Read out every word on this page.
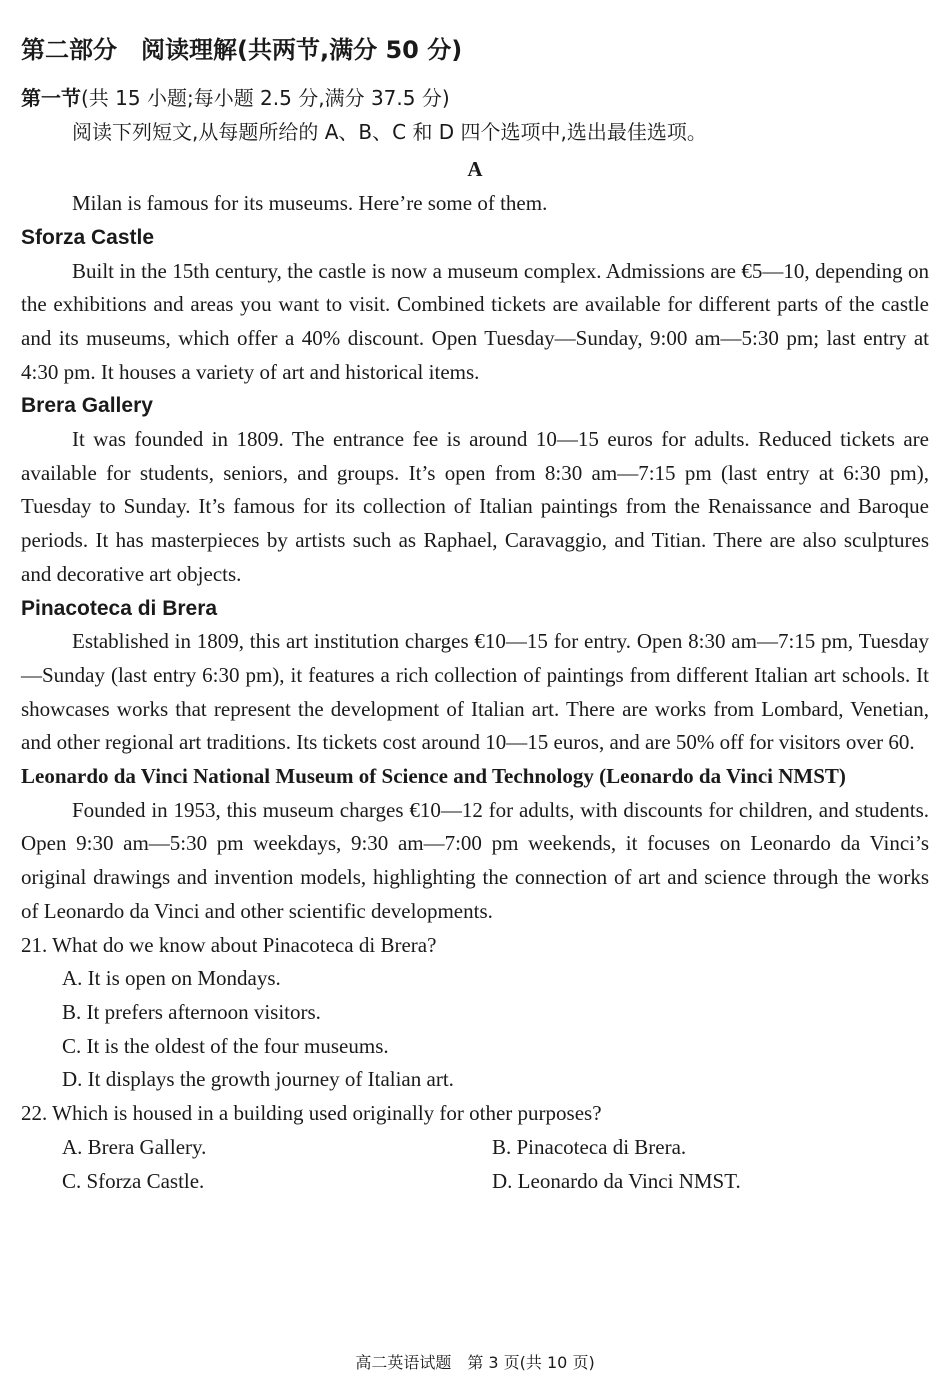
第二部分　阅读理解(共两节,满分 50 分)
第一节(共 15 小题;每小题 2.5 分,满分 37.5 分)

阅读下列短文,从每题所给的 A、B、C 和 D 四个选项中,选出最佳选项。

A

Milan is famous for its museums. Here’re some of them.

Sforza Castle

Built in the 15th century, the castle is now a museum complex. Admissions are €5—10, depending on the exhibitions and areas you want to visit. Combined tickets are available for different parts of the castle and its museums, which offer a 40% discount. Open Tuesday—Sunday, 9:00 am—5:30 pm; last entry at 4:30 pm. It houses a variety of art and historical items.

Brera Gallery

It was founded in 1809. The entrance fee is around 10—15 euros for adults. Reduced tickets are available for students, seniors, and groups. It’s open from 8:30 am—7:15 pm (last entry at 6:30 pm), Tuesday to Sunday. It’s famous for its collection of Italian paintings from the Renaissance and Baroque periods. It has masterpieces by artists such as Raphael, Caravaggio, and Titian. There are also sculptures and decorative art objects.

Pinacoteca di Brera

Established in 1809, this art institution charges €10—15 for entry. Open 8:30 am—7:15 pm, Tuesday—Sunday (last entry 6:30 pm), it features a rich collection of paintings from different Italian art schools. It showcases works that represent the development of Italian art. There are works from Lombard, Venetian, and other regional art traditions. Its tickets cost around 10—15 euros, and are 50% off for visitors over 60.

Leonardo da Vinci National Museum of Science and Technology (Leonardo da Vinci NMST)

Founded in 1953, this museum charges €10—12 for adults, with discounts for children, and students. Open 9:30 am—5:30 pm weekdays, 9:30 am—7:00 pm weekends, it focuses on Leonardo da Vinci’s original drawings and invention models, highlighting the connection of art and science through the works of Leonardo da Vinci and other scientific developments.

21. What do we know about Pinacoteca di Brera?

A. It is open on Mondays.

B. It prefers afternoon visitors.

C. It is the oldest of the four museums.

D. It displays the growth journey of Italian art.

22. Which is housed in a building used originally for other purposes?

A. Brera Gallery.	B. Pinacoteca di Brera.
C. Sforza Castle.	D. Leonardo da Vinci NMST.
高二英语试题　第 3 页(共 10 页)
